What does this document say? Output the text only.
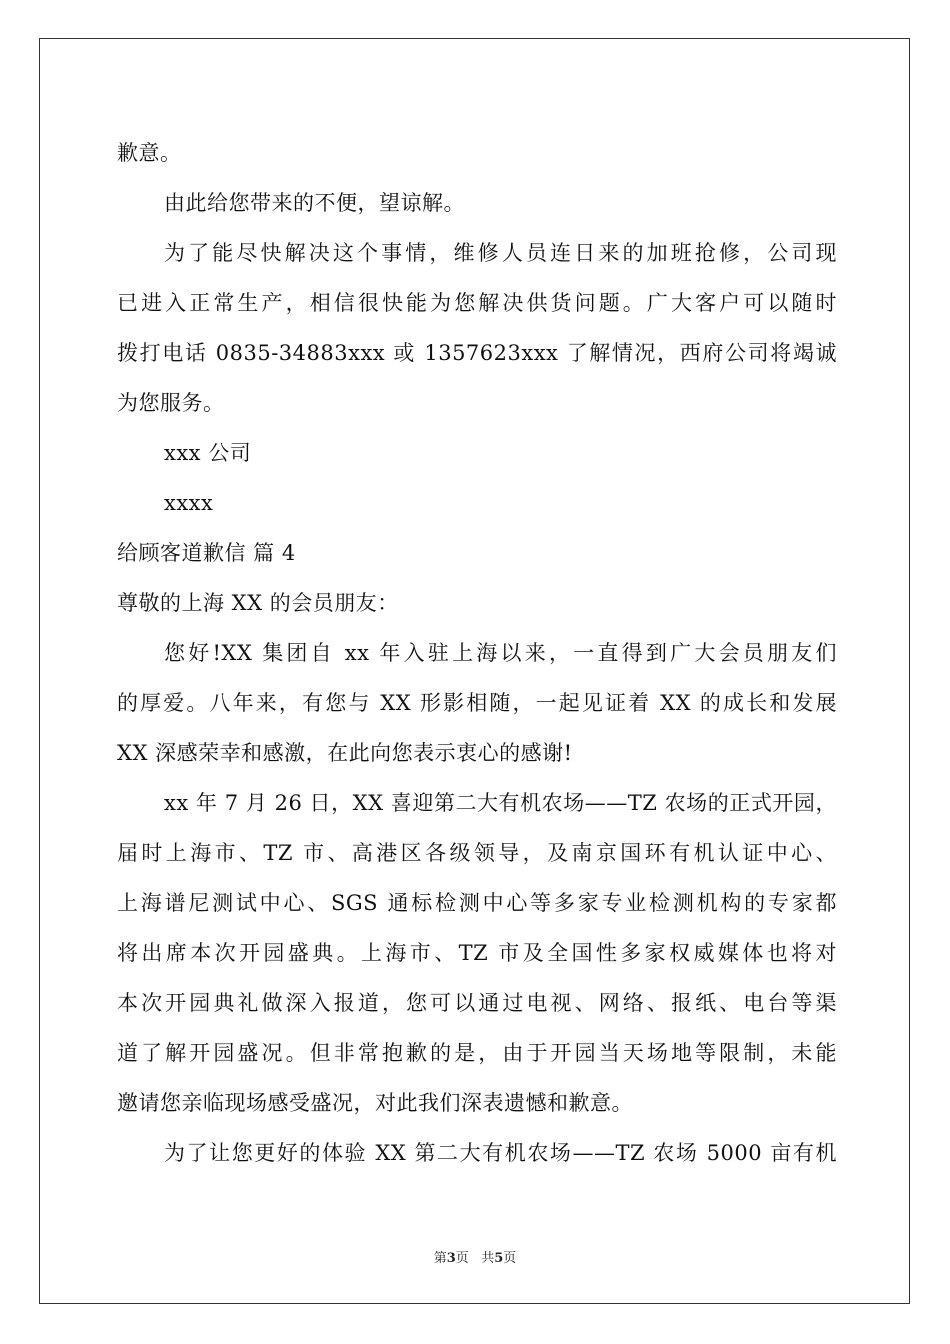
歉意。
由此给您带来的不便，望谅解。
为了能尽快解决这个事情，维修人员连日来的加班抢修，公司现
已进入正常生产，相信很快能为您解决供货问题。广大客户可以随时
拨打电话 0835-34883xxx 或 1357623xxx 了解情况，西府公司将竭诚
为您服务。
xxx 公司
xxxx
给顾客道歉信 篇 4
尊敬的上海 XX 的会员朋友：
您好!XX 集团自 xx 年入驻上海以来，一直得到广大会员朋友们
的厚爱。八年来，有您与 XX 形影相随，一起见证着 XX 的成长和发展
XX 深感荣幸和感激，在此向您表示衷心的感谢!
xx 年 7 月 26 日，XX 喜迎第二大有机农场——TZ 农场的正式开园，
届时上海市、TZ 市、高港区各级领导，及南京国环有机认证中心、
上海谱尼测试中心、SGS 通标检测中心等多家专业检测机构的专家都
将出席本次开园盛典。上海市、TZ 市及全国性多家权威媒体也将对
本次开园典礼做深入报道，您可以通过电视、网络、报纸、电台等渠
道了解开园盛况。但非常抱歉的是，由于开园当天场地等限制，未能
邀请您亲临现场感受盛况，对此我们深表遗憾和歉意。
为了让您更好的体验 XX 第二大有机农场——TZ 农场 5000 亩有机
第3页 共5页
